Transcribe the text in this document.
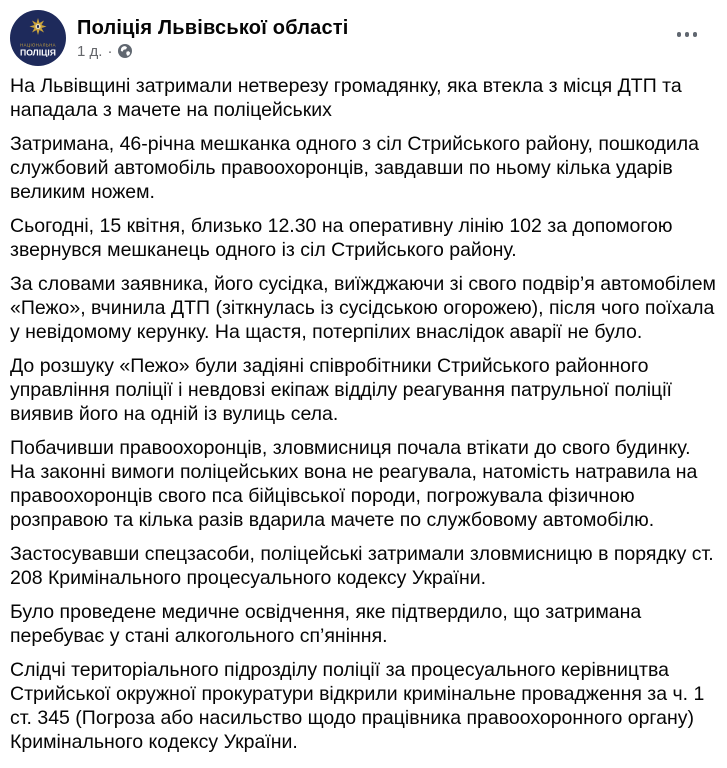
НАЦІОНАЛЬНА
ПОЛІЦІЯ
Поліція Львівської області
1 д. ·

На Львівщині затримали нетверезу громадянку, яка втекла з місця ДТП та нападала з мачете на поліцейських

Затримана, 46-річна мешканка одного з сіл Стрийського району, пошкодила службовий автомобіль правоохоронців, завдавши по ньому кілька ударів великим ножем.

Сьогодні, 15 квітня, близько 12.30 на оперативну лінію 102 за допомогою звернувся мешканець одного із сіл Стрийського району.

За словами заявника, його сусідка, виїжджаючи зі свого подвір’я автомобілем «Пежо», вчинила ДТП (зіткнулась із сусідською огорожею), після чого поїхала у невідомому керунку. На щастя, потерпілих внаслідок аварії не було.

До розшуку «Пежо» були задіяні співробітники Стрийського районного управління поліції і невдовзі екіпаж відділу реагування патрульної поліції виявив його на одній із вулиць села.

Побачивши правоохоронців, зловмисниця почала втікати до свого будинку. На законні вимоги поліцейських вона не реагувала, натомість натравила на правоохоронців свого пса бійцівської породи, погрожувала фізичною розправою та кілька разів вдарила мачете по службовому автомобілю.

Застосувавши спецзасоби, поліцейські затримали зловмисницю в порядку ст. 208 Кримінального процесуального кодексу України.

Було проведене медичне освідчення, яке підтвердило, що затримана перебуває у стані алкогольного сп’яніння.

Слідчі територіального підрозділу поліції за процесуального керівництва Стрийської окружної прокуратури відкрили кримінальне провадження за ч. 1 ст. 345 (Погроза або насильство щодо працівника правоохоронного органу) Кримінального кодексу України.
